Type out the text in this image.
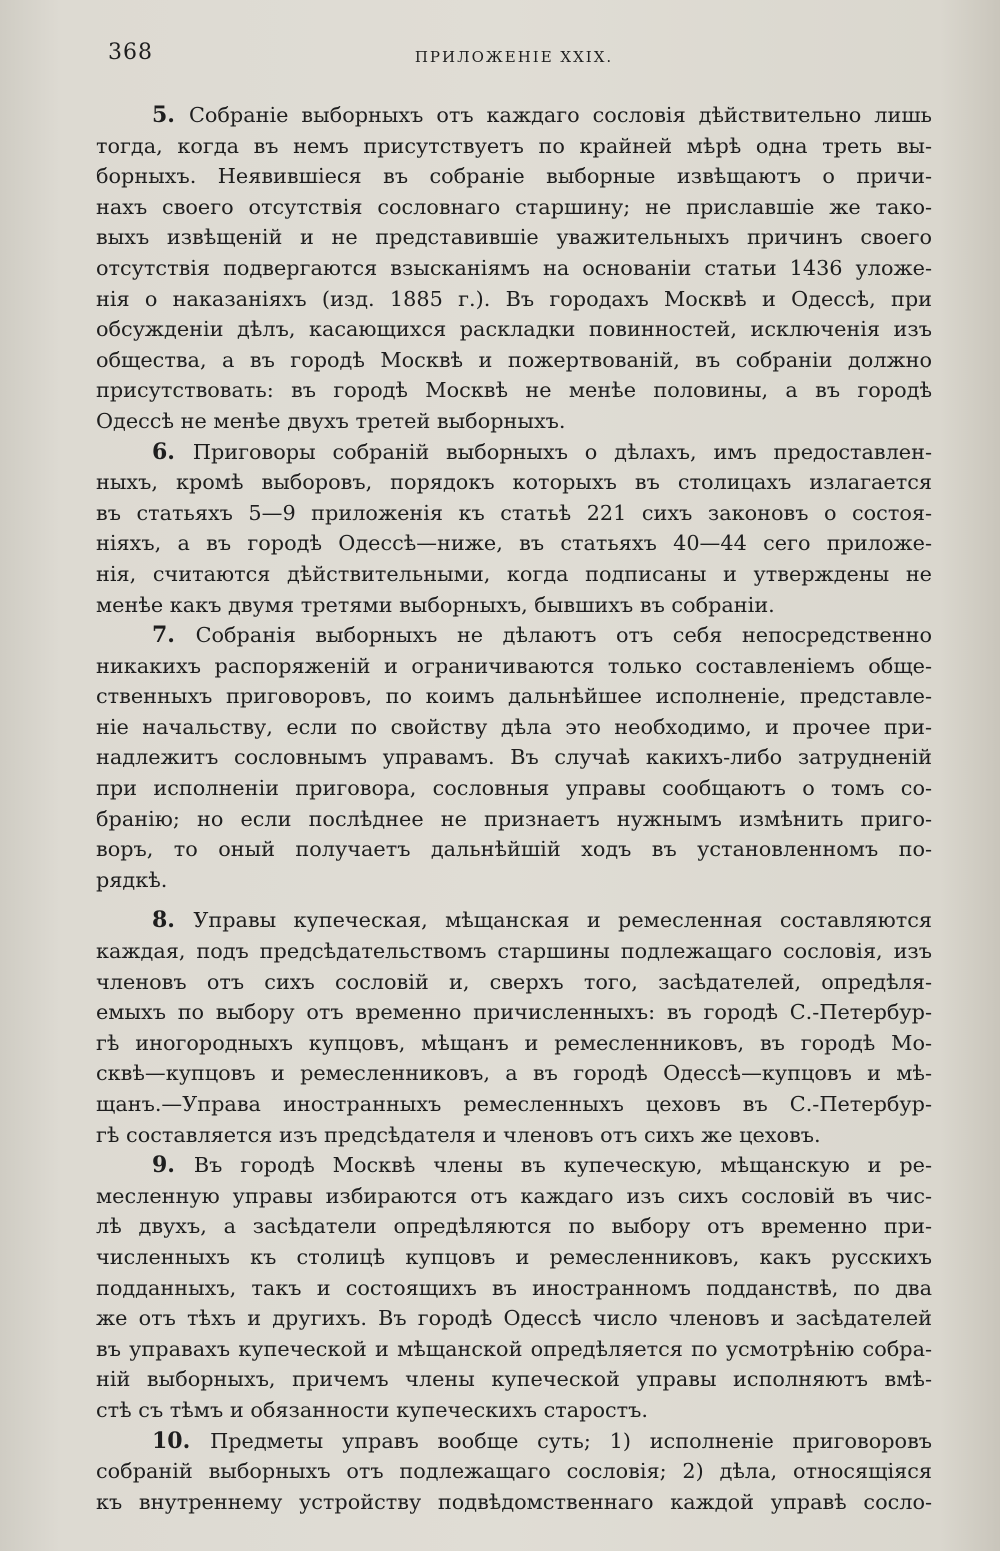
368	ПРИЛОЖЕНІЕ XXIX.
5. Собраніе выборныхъ отъ каждаго сословія дѣйствительно лишь
тогда, когда въ немъ присутствуетъ по крайней мѣрѣ одна треть вы-
борныхъ. Неявившіеся въ собраніе выборные извѣщаютъ о причи-
нахъ своего отсутствія сословнаго старшину; не приславшіе же тако-
выхъ извѣщеній и не представившіе уважительныхъ причинъ своего
отсутствія подвергаются взысканіямъ на основаніи статьи 1436 уложе-
нія о наказаніяхъ (изд. 1885 г.). Въ городахъ Москвѣ и Одессѣ, при
обсужденіи дѣлъ, касающихся раскладки повинностей, исключенія изъ
общества, а въ городѣ Москвѣ и пожертвованій, въ собраніи должно
присутствовать: въ городѣ Москвѣ не менѣе половины, а въ городѣ
Одессѣ не менѣе двухъ третей выборныхъ.
6. Приговоры собраній выборныхъ о дѣлахъ, имъ предоставлен-
ныхъ, кромѣ выборовъ, порядокъ которыхъ въ столицахъ излагается
въ статьяхъ 5—9 приложенія къ статьѣ 221 сихъ законовъ о состоя-
ніяхъ, а въ городѣ Одессѣ—ниже, въ статьяхъ 40—44 сего приложе-
нія, считаются дѣйствительными, когда подписаны и утверждены не
менѣе какъ двумя третями выборныхъ, бывшихъ въ собраніи.
7. Собранія выборныхъ не дѣлаютъ отъ себя непосредственно
никакихъ распоряженій и ограничиваются только составленіемъ обще-
ственныхъ приговоровъ, по коимъ дальнѣйшее исполненіе, представле-
ніе начальству, если по свойству дѣла это необходимо, и прочее при-
надлежитъ сословнымъ управамъ. Въ случаѣ какихъ-либо затрудненій
при исполненіи приговора, сословныя управы сообщаютъ о томъ со-
бранію; но если послѣднее не признаетъ нужнымъ измѣнить приго-
воръ, то оный получаетъ дальнѣйшій ходъ въ установленномъ по-
рядкѣ.
8. Управы купеческая, мѣщанская и ремесленная составляются
каждая, подъ предсѣдательствомъ старшины подлежащаго сословія, изъ
членовъ отъ сихъ сословій и, сверхъ того, засѣдателей, опредѣля-
емыхъ по выбору отъ временно причисленныхъ: въ городѣ С.-Петербур-
гѣ иногородныхъ купцовъ, мѣщанъ и ремесленниковъ, въ городѣ Мо-
сквѣ—купцовъ и ремесленниковъ, а въ городѣ Одессѣ—купцовъ и мѣ-
щанъ.—Управа иностранныхъ ремесленныхъ цеховъ въ С.-Петербур-
гѣ составляется изъ предсѣдателя и членовъ отъ сихъ же цеховъ.
9. Въ городѣ Москвѣ члены въ купеческую, мѣщанскую и ре-
месленную управы избираются отъ каждаго изъ сихъ сословій въ чис-
лѣ двухъ, а засѣдатели опредѣляются по выбору отъ временно при-
численныхъ къ столицѣ купцовъ и ремесленниковъ, какъ русскихъ
подданныхъ, такъ и состоящихъ въ иностранномъ подданствѣ, по два
же отъ тѣхъ и другихъ. Въ городѣ Одессѣ число членовъ и засѣдателей
въ управахъ купеческой и мѣщанской опредѣляется по усмотрѣнію собра-
ній выборныхъ, причемъ члены купеческой управы исполняютъ вмѣ-
стѣ съ тѣмъ и обязанности купеческихъ старостъ.
10. Предметы управъ вообще суть; 1) исполненіе приговоровъ
собраній выборныхъ отъ подлежащаго сословія; 2) дѣла, относящіяся
къ внутреннему устройству подвѣдомственнаго каждой управѣ сосло-
